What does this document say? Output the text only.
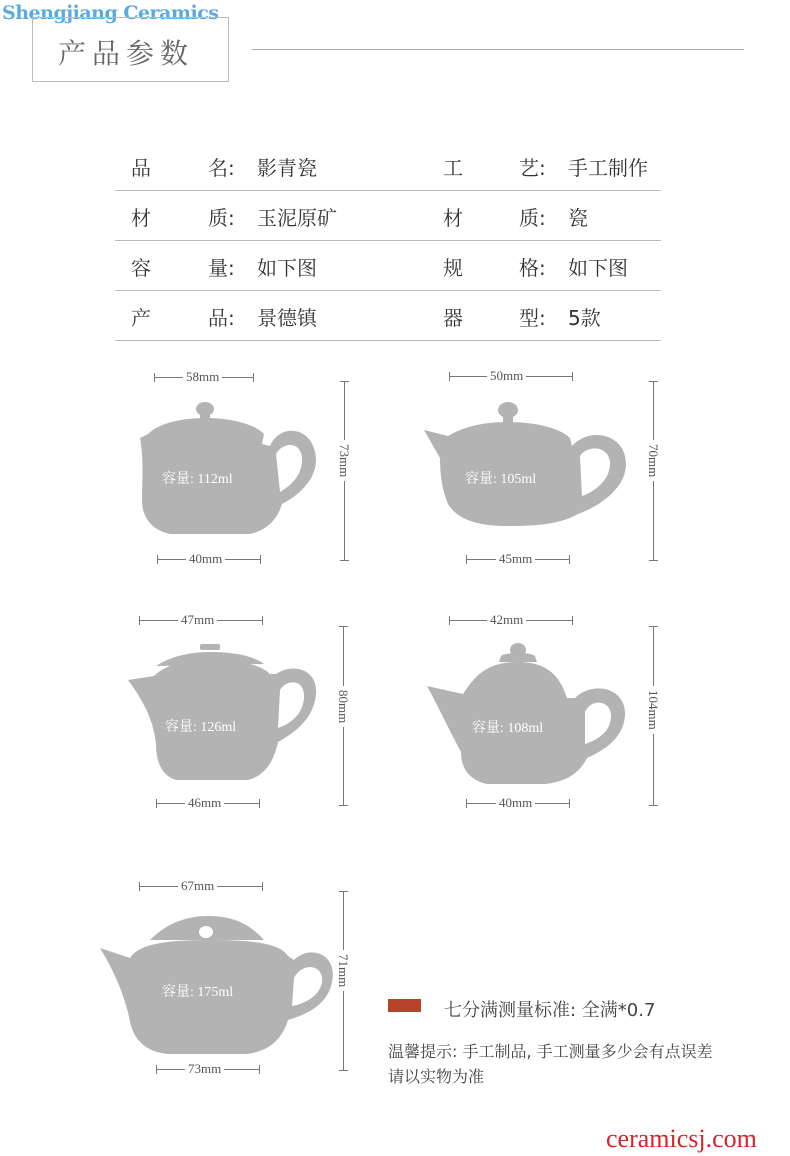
Shengjiang Ceramics
产品参数
品	名: 影青瓷	工	艺: 手工制作
材	质: 玉泥原矿	材	质: 瓷
容	量: 如下图	规	格: 如下图
产	品: 景德镇	器	型: 5款
58mm
容量: 112ml
40mm
73mm
50mm
容量: 105ml
45mm
70mm
47mm
容量: 126ml
46mm
80mm
42mm
容量: 108ml
40mm
104mm
67mm
容量: 175ml
73mm
71mm
七分满测量标准: 全满*0.7
温馨提示: 手工制品, 手工测量多少会有点误差 请以实物为准
ceramicsj.com
